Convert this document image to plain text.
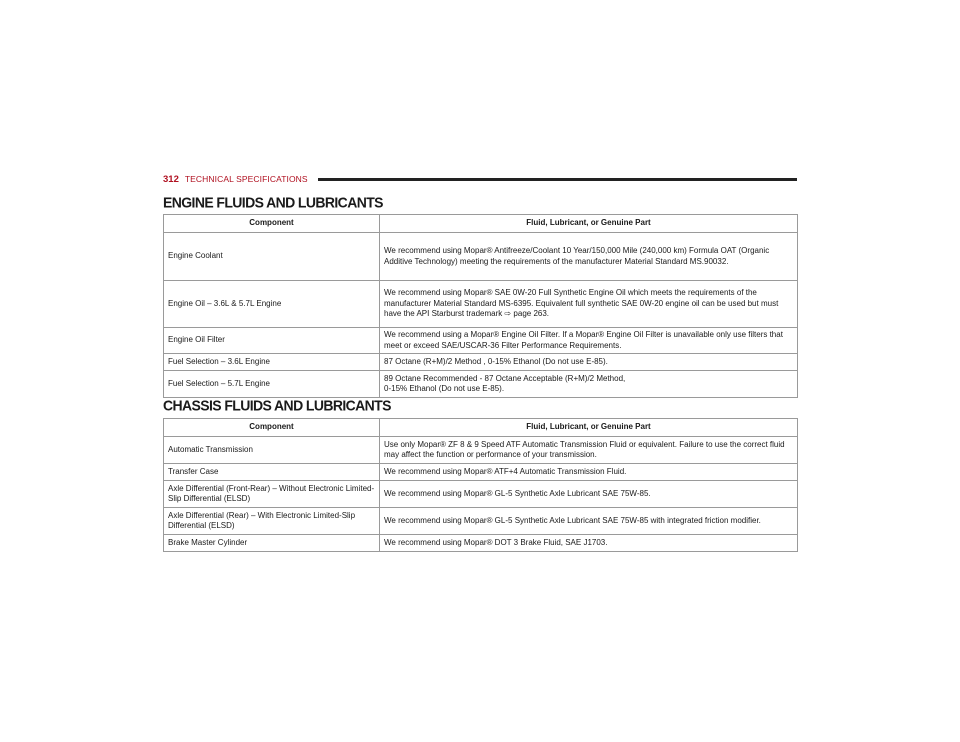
312 TECHNICAL SPECIFICATIONS
ENGINE FLUIDS AND LUBRICANTS
Component	Fluid, Lubricant, or Genuine Part
Engine Coolant	We recommend using Mopar® Antifreeze/Coolant 10 Year/150,000 Mile (240,000 km) Formula OAT (Organic Additive Technology) meeting the requirements of the manufacturer Material Standard MS.90032.
Engine Oil – 3.6L & 5.7L Engine	We recommend using Mopar® SAE 0W-20 Full Synthetic Engine Oil which meets the requirements of the manufacturer Material Standard MS-6395. Equivalent full synthetic SAE 0W-20 engine oil can be used but must have the API Starburst trademark ⇨ page 263.
Engine Oil Filter	We recommend using a Mopar® Engine Oil Filter. If a Mopar® Engine Oil Filter is unavailable only use filters that meet or exceed SAE/USCAR-36 Filter Performance Requirements.
Fuel Selection – 3.6L Engine	87 Octane (R+M)/2 Method , 0-15% Ethanol (Do not use E-85).
Fuel Selection – 5.7L Engine	89 Octane Recommended - 87 Octane Acceptable (R+M)/2 Method,
0-15% Ethanol (Do not use E-85).
CHASSIS FLUIDS AND LUBRICANTS
Component	Fluid, Lubricant, or Genuine Part
Automatic Transmission	Use only Mopar® ZF 8 & 9 Speed ATF Automatic Transmission Fluid or equivalent. Failure to use the correct fluid may affect the function or performance of your transmission.
Transfer Case	We recommend using Mopar® ATF+4 Automatic Transmission Fluid.
Axle Differential (Front-Rear) – Without Electronic Limited-Slip Differential (ELSD)	We recommend using Mopar® GL-5 Synthetic Axle Lubricant SAE 75W-85.
Axle Differential (Rear) – With Electronic Limited-Slip Differential (ELSD)	We recommend using Mopar® GL-5 Synthetic Axle Lubricant SAE 75W-85 with integrated friction modifier.
Brake Master Cylinder	We recommend using Mopar® DOT 3 Brake Fluid, SAE J1703.
